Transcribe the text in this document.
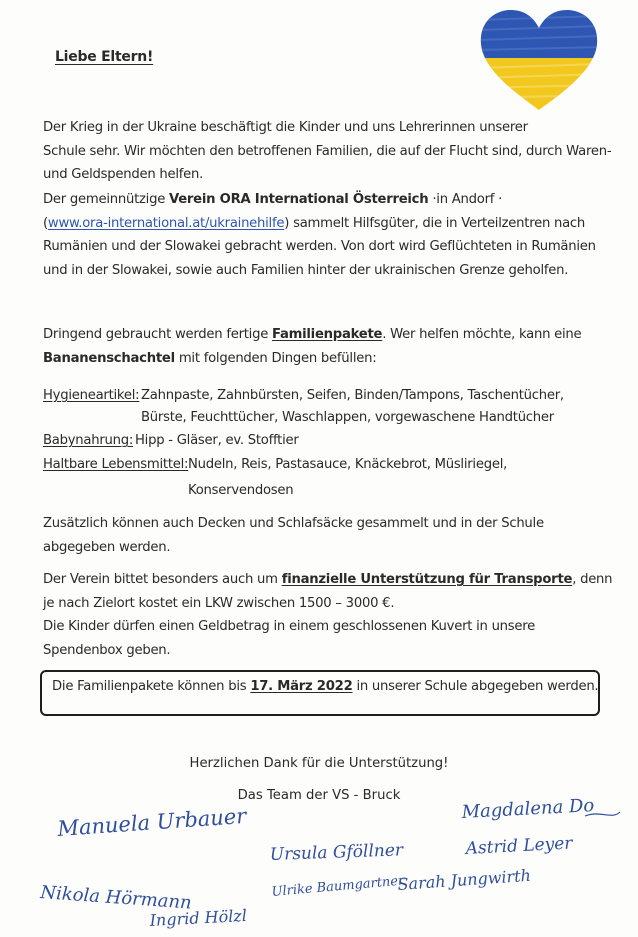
Liebe Eltern!
Der Krieg in der Ukraine beschäftigt die Kinder und uns Lehrerinnen unserer
Schule sehr. Wir möchten den betroffenen Familien, die auf der Flucht sind, durch Waren-
und Geldspenden helfen.
Der gemeinnützige Verein ORA International Österreich ·in Andorf ·
(www.ora-international.at/ukrainehilfe) sammelt Hilfsgüter, die in Verteilzentren nach
Rumänien und der Slowakei gebracht werden. Von dort wird Geflüchteten in Rumänien
und in der Slowakei, sowie auch Familien hinter der ukrainischen Grenze geholfen.
Dringend gebraucht werden fertige Familienpakete. Wer helfen möchte, kann eine
Bananenschachtel mit folgenden Dingen befüllen:
Hygieneartikel: Zahnpaste, Zahnbürsten, Seifen, Binden/Tampons, Taschentücher,
Bürste, Feuchttücher, Waschlappen, vorgewaschene Handtücher
Babynahrung: Hipp - Gläser, ev. Stofftier
Haltbare Lebensmittel: Nudeln, Reis, Pastasauce, Knäckebrot, Müsliriegel,
Konservendosen
Zusätzlich können auch Decken und Schlafsäcke gesammelt und in der Schule
abgegeben werden.
Der Verein bittet besonders auch um finanzielle Unterstützung für Transporte, denn
je nach Zielort kostet ein LKW zwischen 1500 – 3000 €.
Die Kinder dürfen einen Geldbetrag in einem geschlossenen Kuvert in unsere
Spendenbox geben.
Die Familienpakete können bis 17. März 2022 in unserer Schule abgegeben werden.
Herzlichen Dank für die Unterstützung!
Das Team der VS - Bruck
Manuela Urbauer	Magdalena Do
Ursula Gföllner	Astrid Leyer
Nikola Hörmann	Ulrike Baumgartner
Sarah Jungwirth
Ingrid Hölzl
